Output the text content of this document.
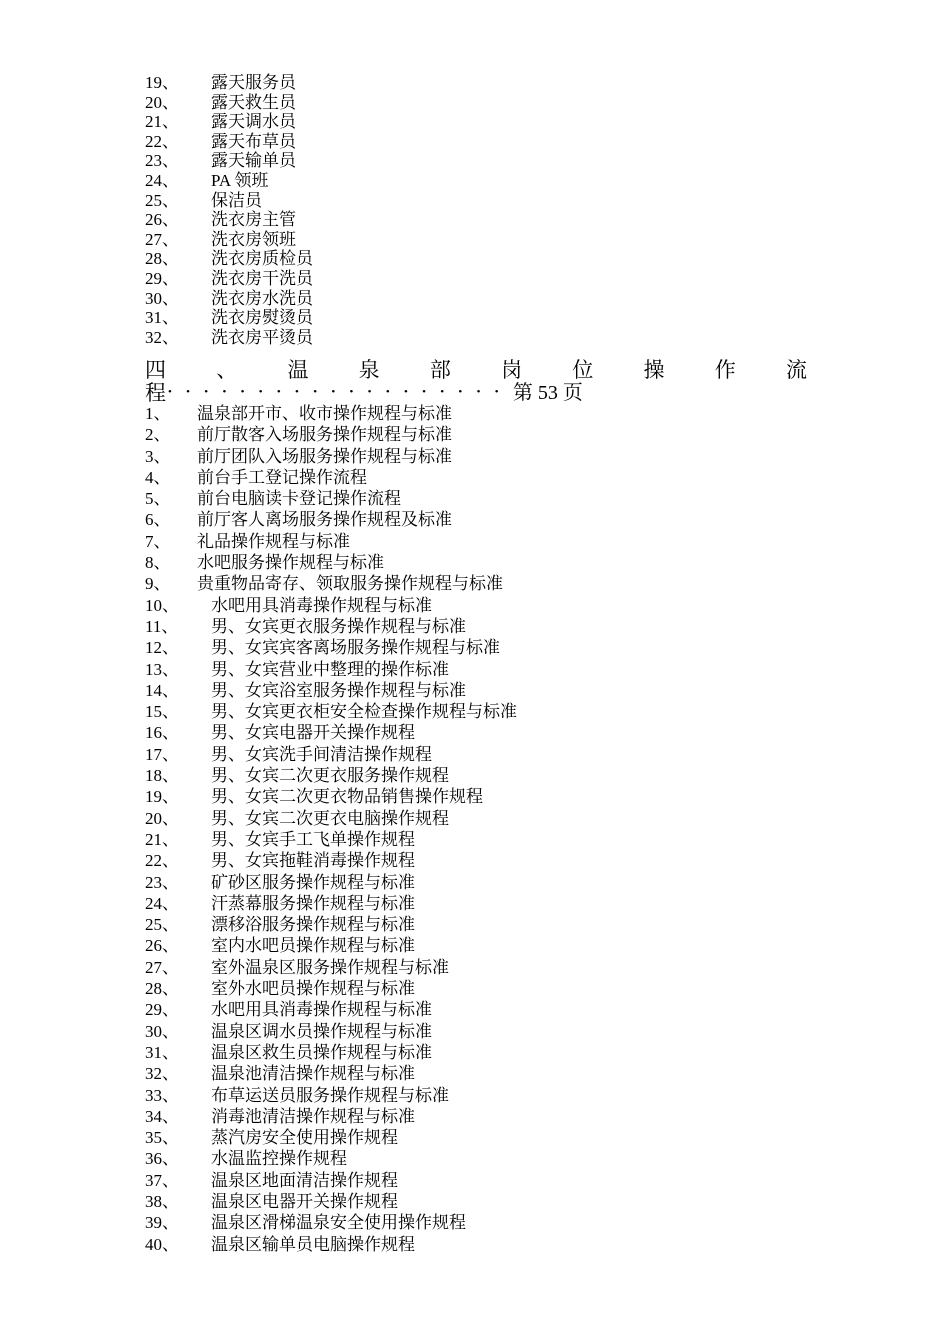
19、 露天服务员
20、 露天救生员
21、 露天调水员
22、 露天布草员
23、 露天输单员
24、 PA 领班
25、 保洁员
26、 洗衣房主管
27、 洗衣房领班
28、 洗衣房质检员
29、 洗衣房干洗员
30、 洗衣房水洗员
31、 洗衣房熨烫员
32、 洗衣房平烫员
四 、 温 泉 部 岗 位 操 作 流
程 ••••••••••••••••••• 第 53 页
1、 温泉部开市、收市操作规程与标准
2、 前厅散客入场服务操作规程与标准
3、 前厅团队入场服务操作规程与标准
4、 前台手工登记操作流程
5、 前台电脑读卡登记操作流程
6、 前厅客人离场服务操作规程及标准
7、 礼品操作规程与标准
8、 水吧服务操作规程与标准
9、 贵重物品寄存、领取服务操作规程与标准
10、 水吧用具消毒操作规程与标准
11、 男、女宾更衣服务操作规程与标准
12、 男、女宾宾客离场服务操作规程与标准
13、 男、女宾营业中整理的操作标准
14、 男、女宾浴室服务操作规程与标准
15、 男、女宾更衣柜安全检查操作规程与标准
16、 男、女宾电器开关操作规程
17、 男、女宾洗手间清洁操作规程
18、 男、女宾二次更衣服务操作规程
19、 男、女宾二次更衣物品销售操作规程
20、 男、女宾二次更衣电脑操作规程
21、 男、女宾手工飞单操作规程
22、 男、女宾拖鞋消毒操作规程
23、 矿砂区服务操作规程与标准
24、 汗蒸幕服务操作规程与标准
25、 漂移浴服务操作规程与标准
26、 室内水吧员操作规程与标准
27、 室外温泉区服务操作规程与标准
28、 室外水吧员操作规程与标准
29、 水吧用具消毒操作规程与标准
30、 温泉区调水员操作规程与标准
31、 温泉区救生员操作规程与标准
32、 温泉池清洁操作规程与标准
33、 布草运送员服务操作规程与标准
34、 消毒池清洁操作规程与标准
35、 蒸汽房安全使用操作规程
36、 水温监控操作规程
37、 温泉区地面清洁操作规程
38、 温泉区电器开关操作规程
39、 温泉区滑梯温泉安全使用操作规程
40、 温泉区输单员电脑操作规程
